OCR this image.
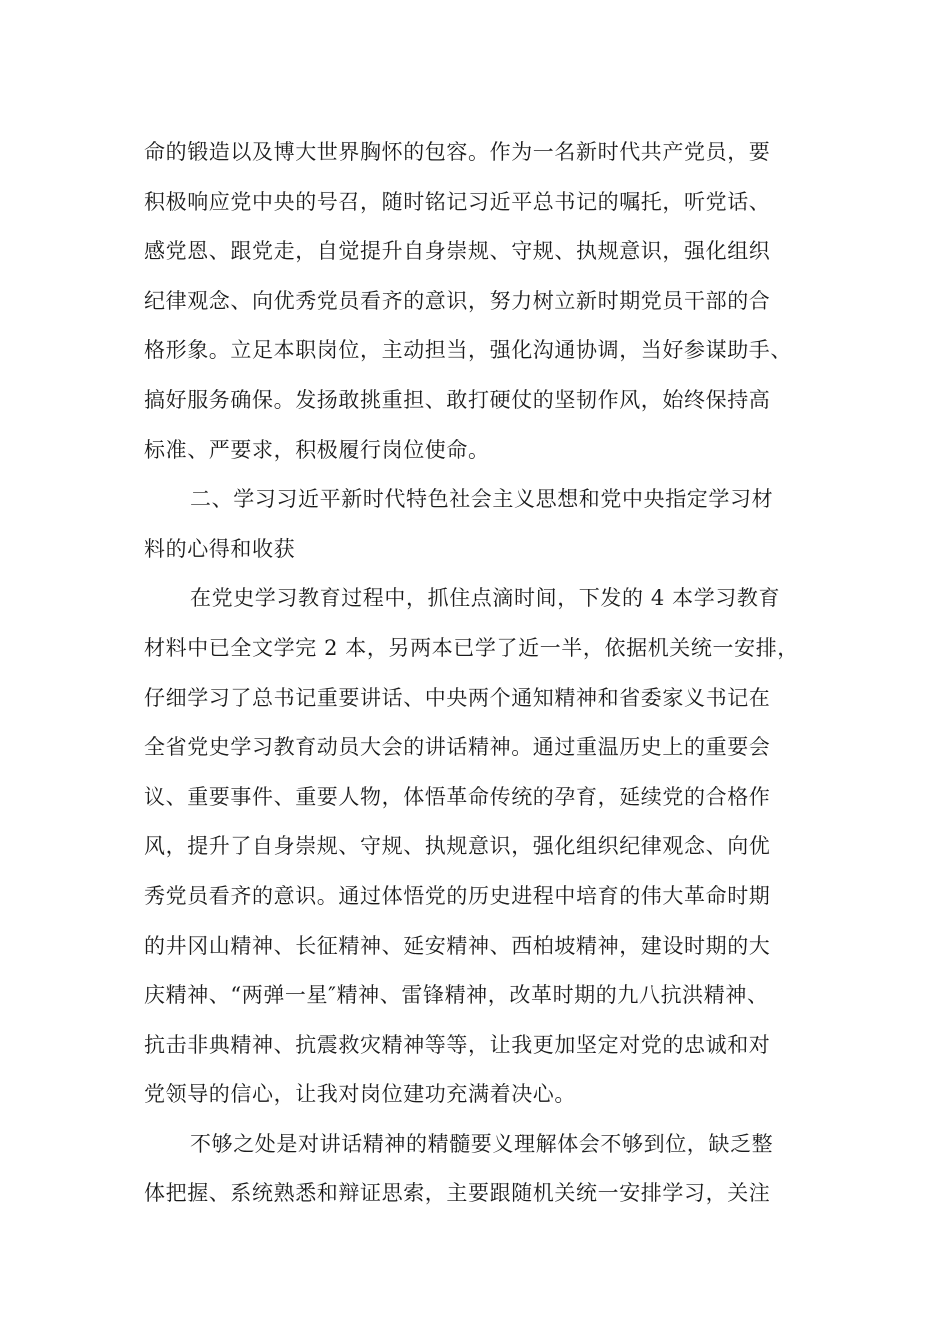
命的锻造以及博大世界胸怀的包容。作为一名新时代共产党员，要
积极响应党中央的号召，随时铭记习近平总书记的嘱托，听党话、
感党恩、跟党走，自觉提升自身崇规、守规、执规意识，强化组织
纪律观念、向优秀党员看齐的意识，努力树立新时期党员干部的合
格形象。立足本职岗位，主动担当，强化沟通协调，当好参谋助手、
搞好服务确保。发扬敢挑重担、敢打硬仗的坚韧作风，始终保持高
标准、严要求，积极履行岗位使命。
二、学习习近平新时代特色社会主义思想和党中央指定学习材
料的心得和收获
在党史学习教育过程中，抓住点滴时间，下发的 4 本学习教育
材料中已全文学完 2 本，另两本已学了近一半，依据机关统一安排，
仔细学习了总书记重要讲话、中央两个通知精神和省委家义书记在
全省党史学习教育动员大会的讲话精神。通过重温历史上的重要会
议、重要事件、重要人物，体悟革命传统的孕育，延续党的合格作
风，提升了自身崇规、守规、执规意识，强化组织纪律观念、向优
秀党员看齐的意识。通过体悟党的历史进程中培育的伟大革命时期
的井冈山精神、长征精神、延安精神、西柏坡精神，建设时期的大
庆精神、“两弹一星″精神、雷锋精神，改革时期的九八抗洪精神、
抗击非典精神、抗震救灾精神等等，让我更加坚定对党的忠诚和对
党领导的信心，让我对岗位建功充满着决心。
不够之处是对讲话精神的精髓要义理解体会不够到位，缺乏整
体把握、系统熟悉和辩证思索，主要跟随机关统一安排学习，关注
